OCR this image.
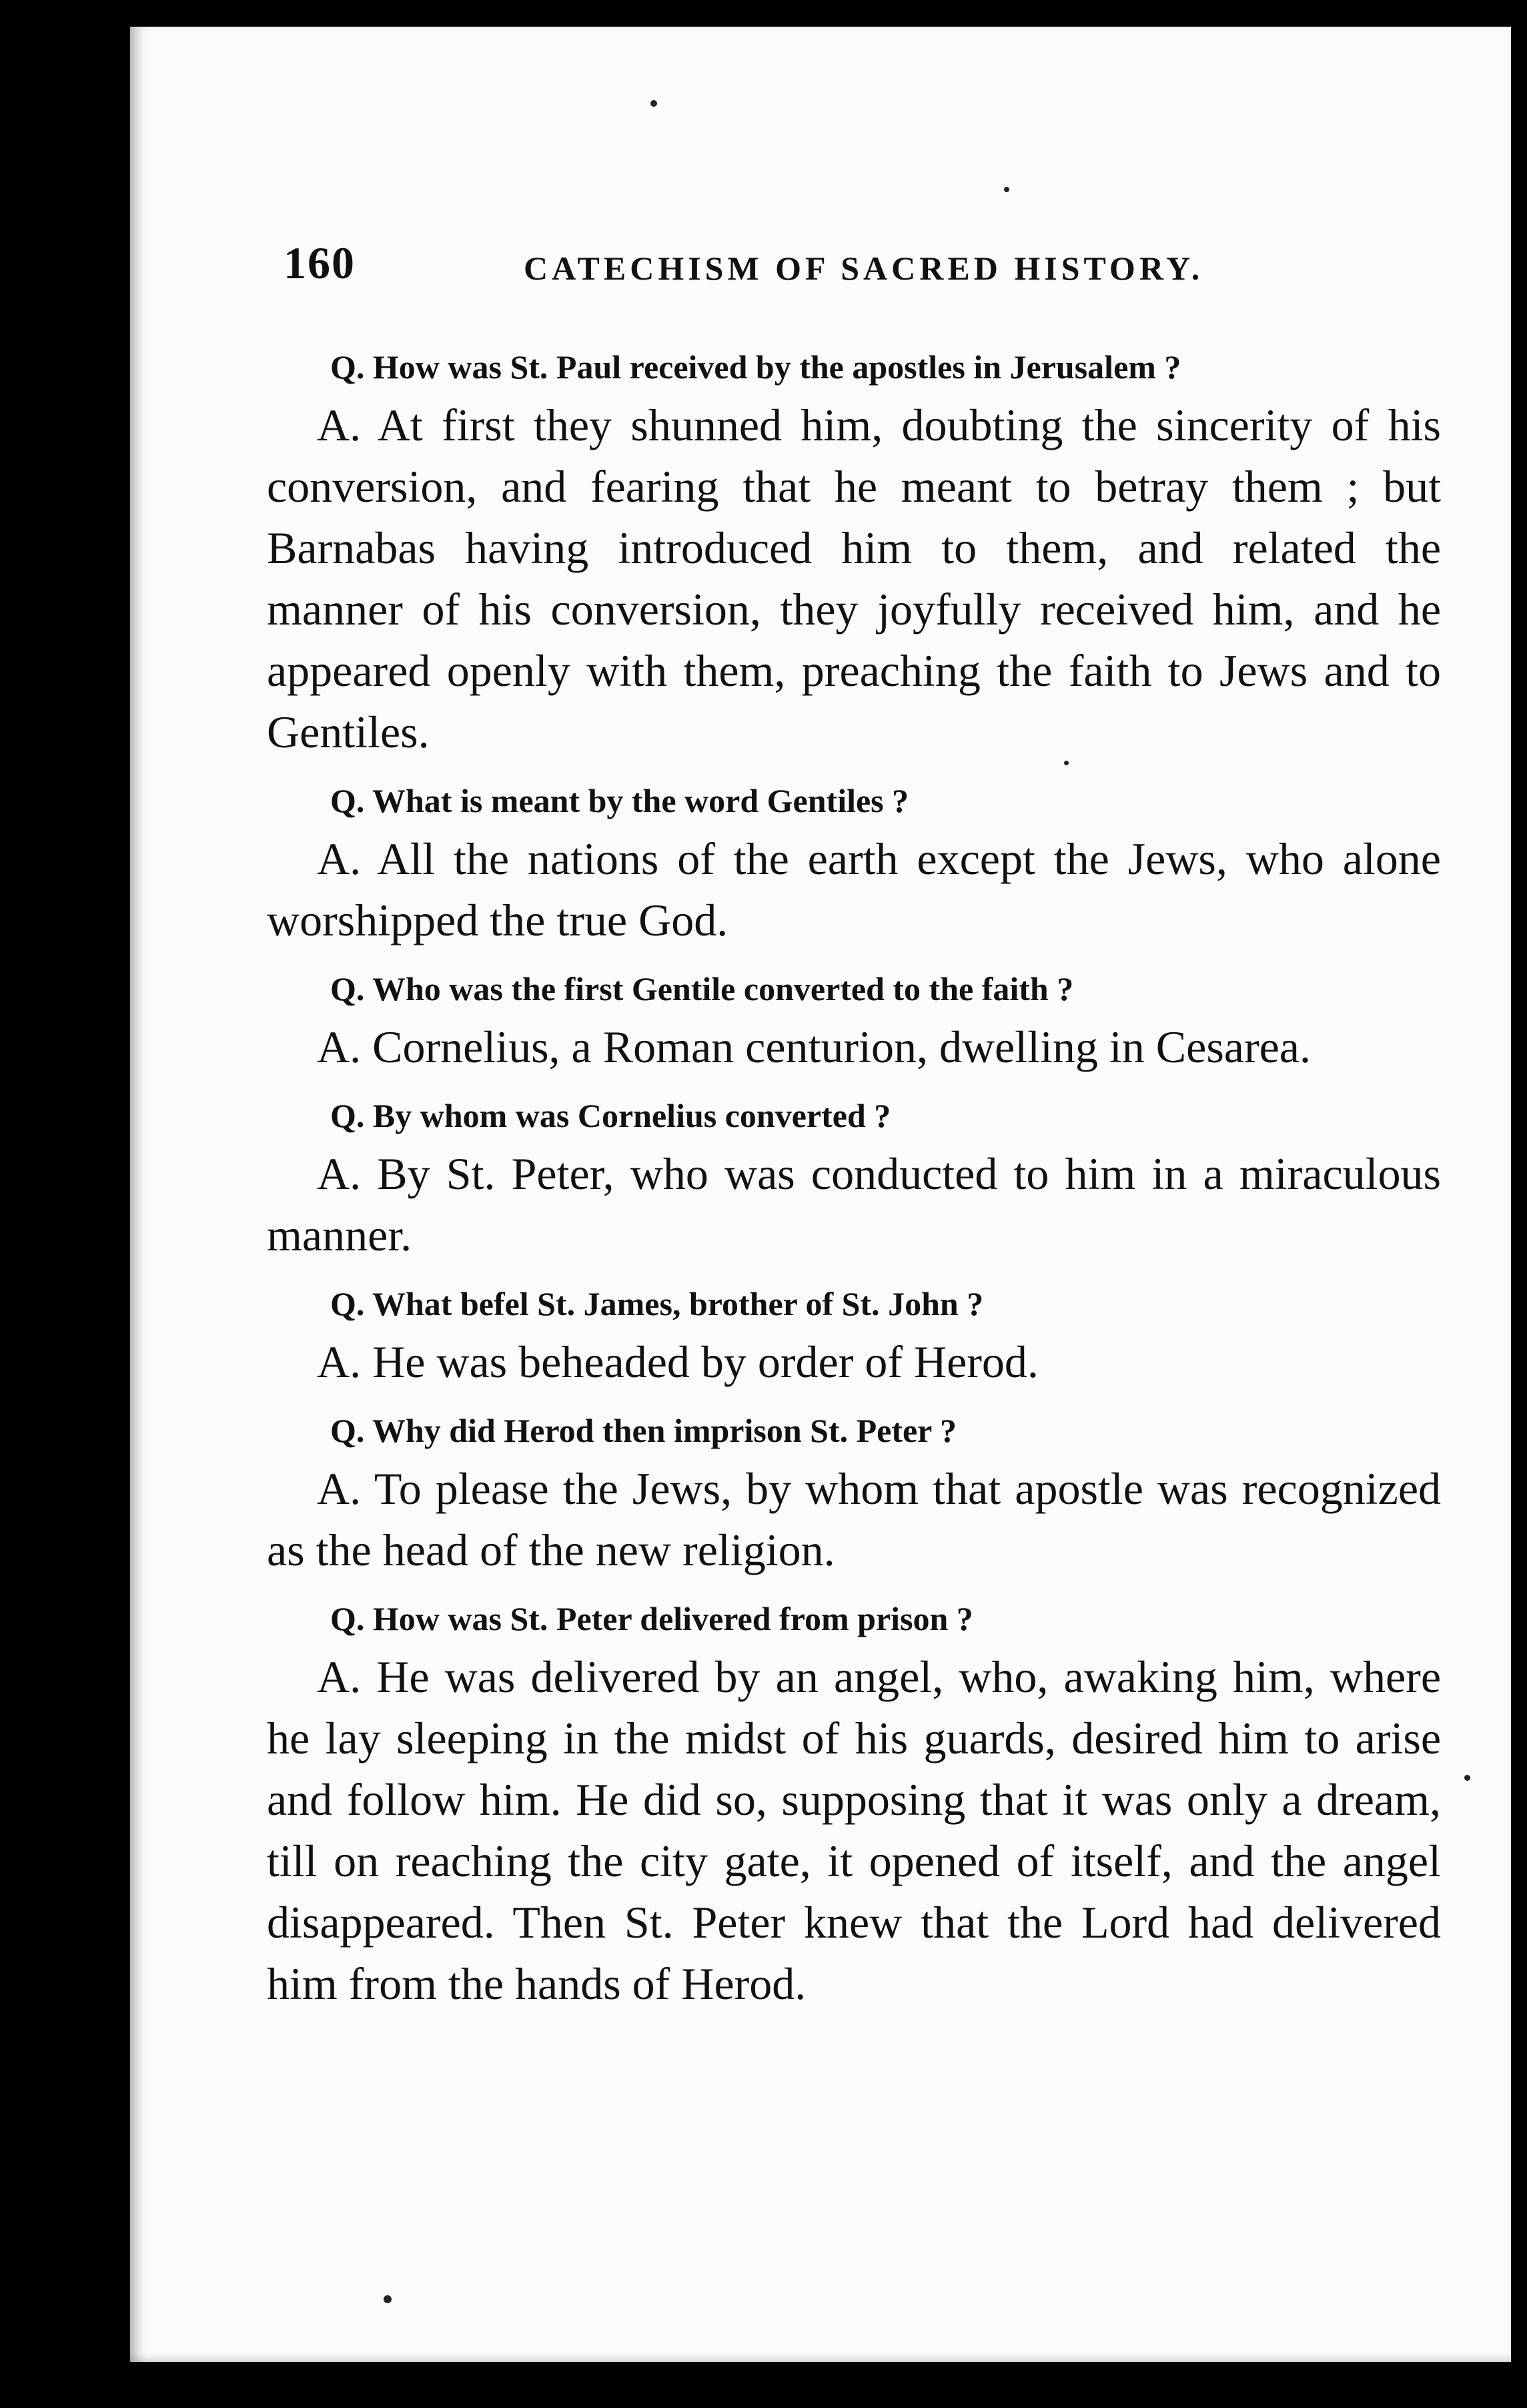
160	CATECHISM OF SACRED HISTORY.

Q. How was St. Paul received by the apostles in Jerusalem ?

A. At first they shunned him, doubting the sincerity of his conversion, and fearing that he meant to betray them ; but Barnabas having introduced him to them, and related the manner of his conversion, they joyfully received him, and he appeared openly with them, preaching the faith to Jews and to Gentiles.

Q. What is meant by the word Gentiles ?

A. All the nations of the earth except the Jews, who alone worshipped the true God.

Q. Who was the first Gentile converted to the faith ?

A. Cornelius, a Roman centurion, dwelling in Cesarea.

Q. By whom was Cornelius converted ?

A. By St. Peter, who was conducted to him in a miraculous manner.

Q. What befel St. James, brother of St. John ?

A. He was beheaded by order of Herod.

Q. Why did Herod then imprison St. Peter ?

A. To please the Jews, by whom that apostle was recognized as the head of the new religion.

Q. How was St. Peter delivered from prison ?

A. He was delivered by an angel, who, awaking him, where he lay sleeping in the midst of his guards, desired him to arise and follow him. He did so, supposing that it was only a dream, till on reaching the city gate, it opened of itself, and the angel disappeared. Then St. Peter knew that the Lord had delivered him from the hands of Herod.
